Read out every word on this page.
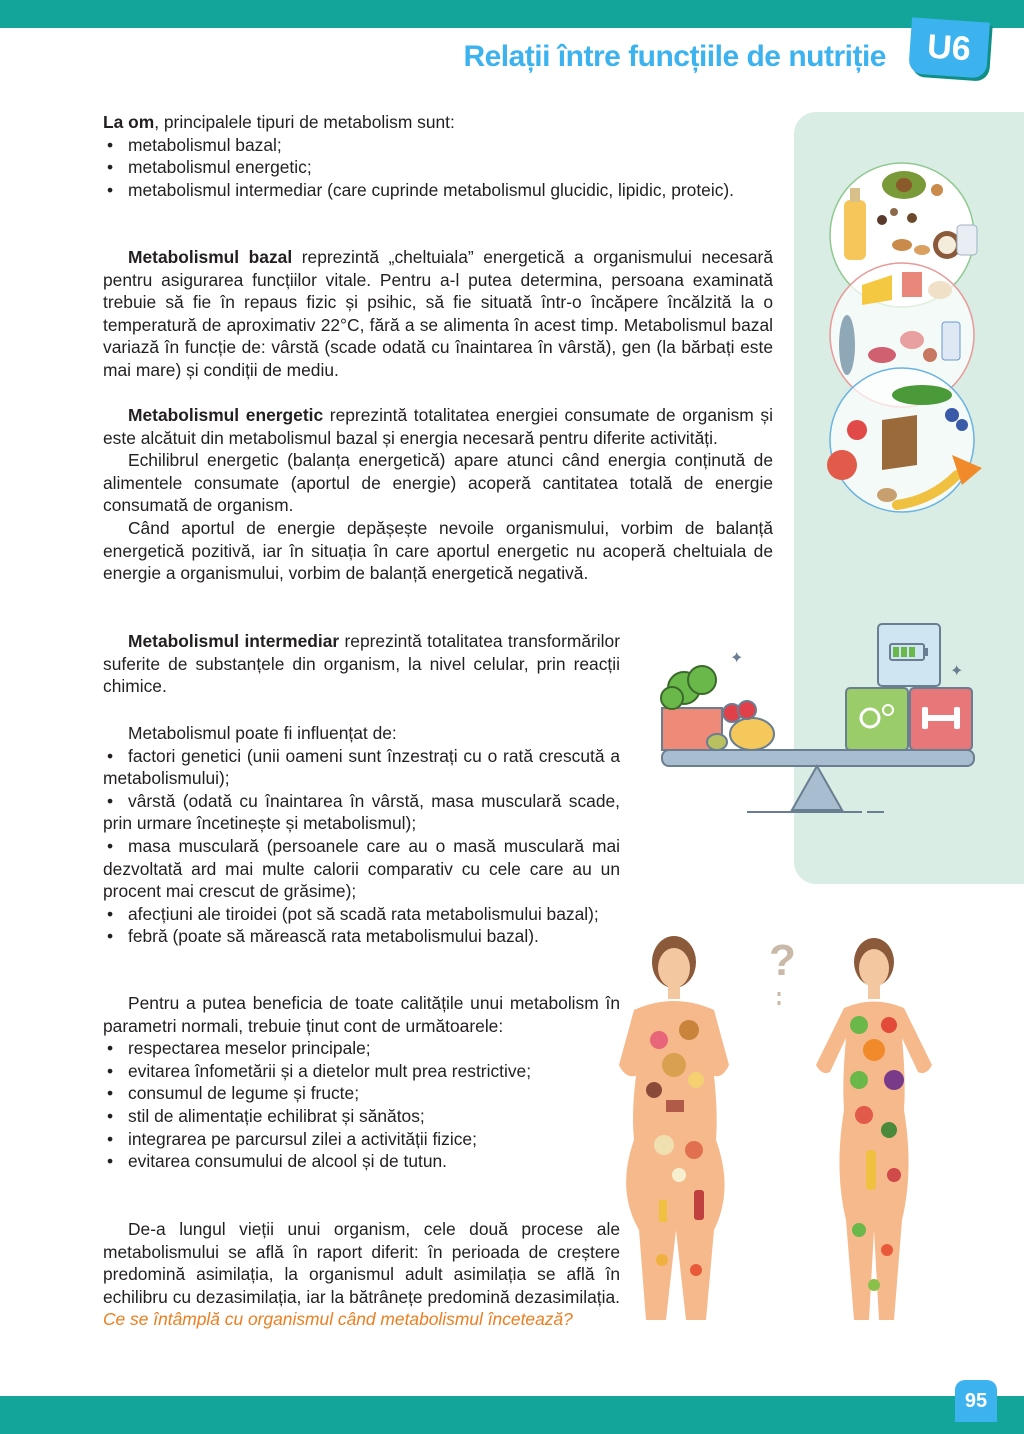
Relații între funcțiile de nutriție	U6

La om, principalele tipuri de metabolism sunt:

• metabolismul bazal;
• metabolismul energetic;
• metabolismul intermediar (care cuprinde metabolismul glucidic, lipidic, proteic).
Metabolismul bazal reprezintă „cheltuiala” energetică a organismului necesară pentru asigurarea funcțiilor vitale. Pentru a-l putea determina, persoana examinată trebuie să fie în repaus fizic și psihic, să fie situată într-o încăpere încălzită la o temperatură de aproximativ 22°C, fără a se alimenta în acest timp. Metabolismul bazal variază în funcție de: vârstă (scade odată cu înaintarea în vârstă), gen (la bărbați este mai mare) și condiții de mediu.

Metabolismul energetic reprezintă totalitatea energiei consumate de organism și este alcătuit din metabolismul bazal și energia necesară pentru diferite activități.

Echilibrul energetic (balanța energetică) apare atunci când energia conținută de alimentele consumate (aportul de energie) acoperă cantitatea totală de energie consumată de organism.

Când aportul de energie depășește nevoile organismului, vorbim de balanță energetică pozitivă, iar în situația în care aportul energetic nu acoperă cheltuiala de energie a organismului, vorbim de balanță energetică negativă.

Metabolismul intermediar reprezintă totalitatea transformărilor suferite de substanțele din organism, la nivel celular, prin reacții chimice.

Metabolismul poate fi influențat de:

• factori genetici (unii oameni sunt înzestrați cu o rată crescută a metabolismului);
• vârstă (odată cu înaintarea în vârstă, masa musculară scade, prin urmare încetinește și metabolismul);
• masa musculară (persoanele care au o masă musculară mai dezvoltată ard mai multe calorii comparativ cu cele care au un procent mai crescut de grăsime);
• afecțiuni ale tiroidei (pot să scadă rata metabolismului bazal);
• febră (poate să mărească rata metabolismului bazal).

Pentru a putea beneficia de toate calitățile unui metabolism în parametri normali, trebuie ținut cont de următoarele:

• respectarea meselor principale;
• evitarea înfometării și a dietelor mult prea restrictive;
• consumul de legume și fructe;
• stil de alimentație echilibrat și sănătos;
• integrarea pe parcursul zilei a activității fizice;
• evitarea consumului de alcool și de tutun.
De-a lungul vieții unui organism, cele două procese ale metabolismului se află în raport diferit: în perioada de creștere predomină asimilația, la organismul adult asimilația se află în echilibru cu dezasimilația, iar la bătrânețe predomină dezasimilația. Ce se întâmplă cu organismul când metabolismul încetează?
✦
✦
?
95
